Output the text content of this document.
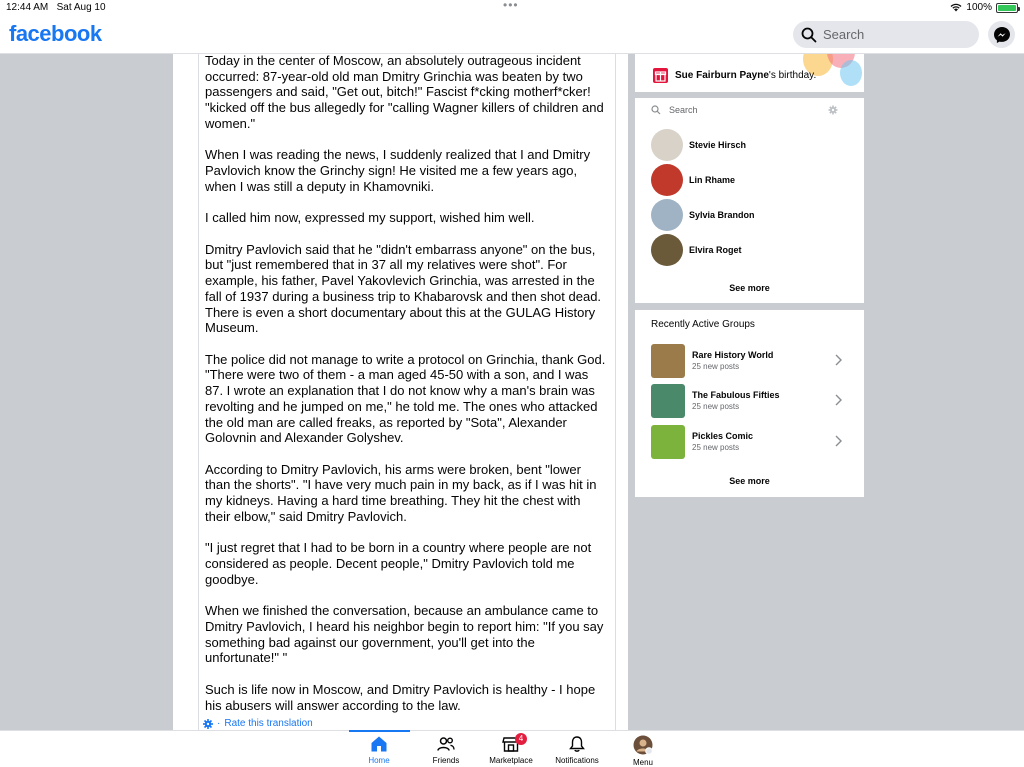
12:44 AM Sat Aug 10	•••	100%
facebook
Search

Today in the center of Moscow, an absolutely outrageous incident occurred: 87-year-old old man Dmitry Grinchia was beaten by two passengers and said, "Get out, bitch!" Fascist f*cking motherf*cker! "kicked off the bus allegedly for "calling Wagner killers of children and women."

When I was reading the news, I suddenly realized that I and Dmitry Pavlovich know the Grinchy sign! He visited me a few years ago, when I was still a deputy in Khamovniki.

I called him now, expressed my support, wished him well.

Dmitry Pavlovich said that he "didn't embarrass anyone" on the bus, but "just remembered that in 37 all my relatives were shot". For example, his father, Pavel Yakovlevich Grinchia, was arrested in the fall of 1937 during a business trip to Khabarovsk and then shot dead. There is even a short documentary about this at the GULAG History Museum.

The police did not manage to write a protocol on Grinchia, thank God. "There were two of them - a man aged 45-50 with a son, and I was 87. I wrote an explanation that I do not know why a man's brain was revolting and he jumped on me," he told me. The ones who attacked the old man are called freaks, as reported by "Sota", Alexander Golovnin and Alexander Golyshev.

According to Dmitry Pavlovich, his arms were broken, bent "lower than the shorts". "I have very much pain in my back, as if I was hit in my kidneys. Having a hard time breathing. They hit the chest with their elbow," said Dmitry Pavlovich.

"I just regret that I had to be born in a country where people are not considered as people. Decent people," Dmitry Pavlovich told me goodbye.

When we finished the conversation, because an ambulance came to Dmitry Pavlovich, I heard his neighbor begin to report him: "If you say something bad against our government, you'll get into the unfortunate!" "

Such is life now in Moscow, and Dmitry Pavlovich is healthy - I hope his abusers will answer according to the law.

· Rate this translation
Sue Fairburn Payne's birthday.
Search
Stevie Hirsch
Lin Rhame
Sylvia Brandon
Elvira Roget
See more
Recently Active Groups
Rare History World
25 new posts
The Fabulous Fifties
25 new posts
Pickles Comic
25 new posts
See more
Home	Friends
4
Marketplace	Notifications	Menu
